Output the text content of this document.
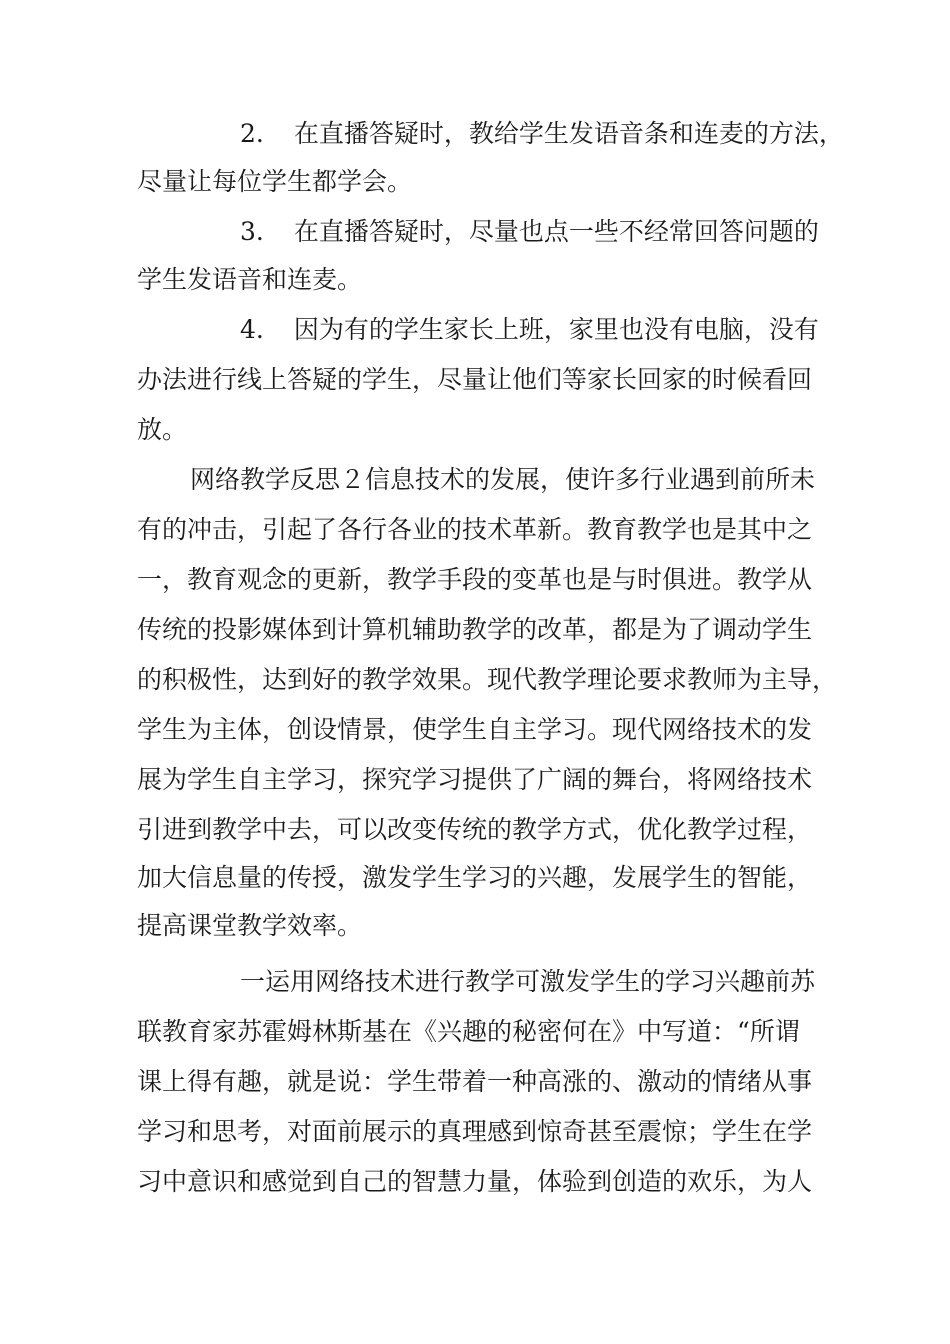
2. 在直播答疑时，教给学生发语音条和连麦的方法，
尽量让每位学生都学会。
3. 在直播答疑时，尽量也点一些不经常回答问题的
学生发语音和连麦。
4. 因为有的学生家长上班，家里也没有电脑，没有
办法进行线上答疑的学生，尽量让他们等家长回家的时候看回
放。
网络教学反思２信息技术的发展，使许多行业遇到前所未
有的冲击，引起了各行各业的技术革新。教育教学也是其中之
一，教育观念的更新，教学手段的变革也是与时俱进。教学从
传统的投影媒体到计算机辅助教学的改革，都是为了调动学生
的积极性，达到好的教学效果。现代教学理论要求教师为主导，
学生为主体，创设情景，使学生自主学习。现代网络技术的发
展为学生自主学习，探究学习提供了广阔的舞台，将网络技术
引进到教学中去，可以改变传统的教学方式，优化教学过程，
加大信息量的传授，激发学生学习的兴趣，发展学生的智能，
提高课堂教学效率。
一运用网络技术进行教学可激发学生的学习兴趣前苏
联教育家苏霍姆林斯基在《兴趣的秘密何在》中写道：“所谓
课上得有趣，就是说：学生带着一种高涨的、激动的情绪从事
学习和思考，对面前展示的真理感到惊奇甚至震惊；学生在学
习中意识和感觉到自己的智慧力量，体验到创造的欢乐，为人
